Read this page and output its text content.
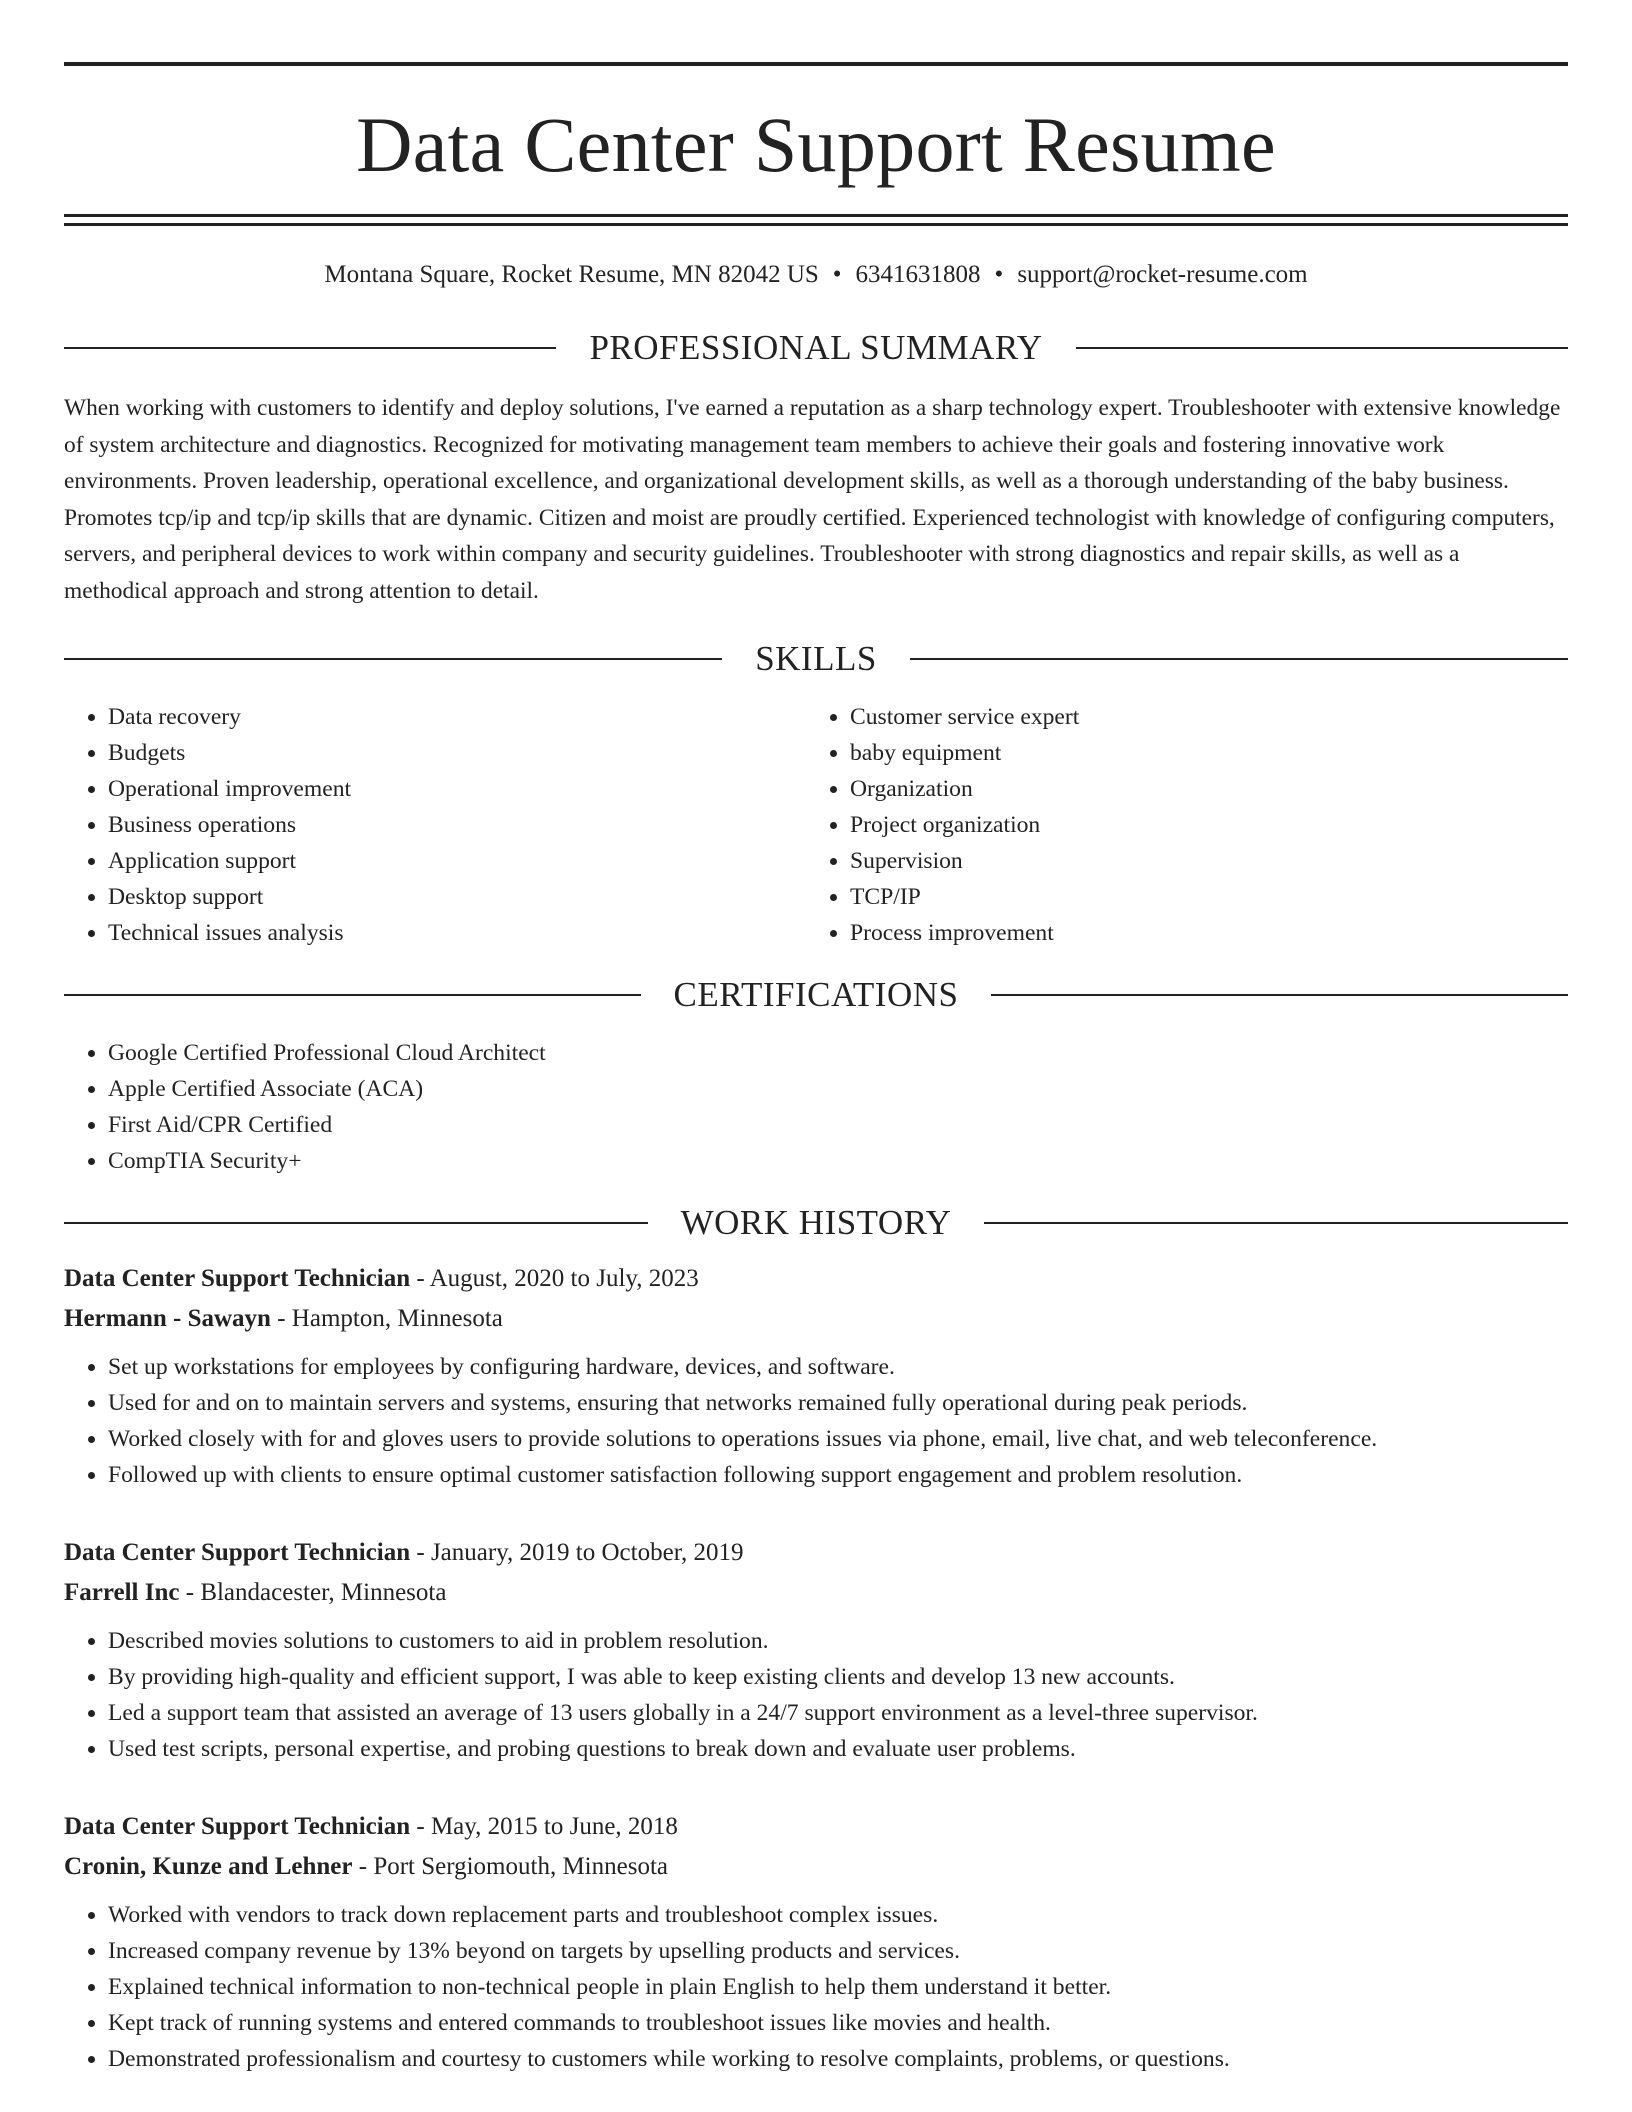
Data Center Support Resume
Montana Square, Rocket Resume, MN 82042 US • 6341631808 • support@rocket-resume.com
PROFESSIONAL SUMMARY

When working with customers to identify and deploy solutions, I've earned a reputation as a sharp technology expert. Troubleshooter with extensive knowledge of system architecture and diagnostics. Recognized for motivating management team members to achieve their goals and fostering innovative work environments. Proven leadership, operational excellence, and organizational development skills, as well as a thorough understanding of the baby business. Promotes tcp/ip and tcp/ip skills that are dynamic. Citizen and moist are proudly certified. Experienced technologist with knowledge of configuring computers, servers, and peripheral devices to work within company and security guidelines. Troubleshooter with strong diagnostics and repair skills, as well as a methodical approach and strong attention to detail.

SKILLS
• Data recovery
• Budgets
• Operational improvement
• Business operations
• Application support
• Desktop support
• Technical issues analysis
• Customer service expert
• baby equipment
• Organization
• Project organization
• Supervision
• TCP/IP
• Process improvement
CERTIFICATIONS
• Google Certified Professional Cloud Architect
• Apple Certified Associate (ACA)
• First Aid/CPR Certified
• CompTIA Security+
WORK HISTORY
Data Center Support Technician - August, 2020 to July, 2023
Hermann - Sawayn - Hampton, Minnesota
• Set up workstations for employees by configuring hardware, devices, and software.
• Used for and on to maintain servers and systems, ensuring that networks remained fully operational during peak periods.
• Worked closely with for and gloves users to provide solutions to operations issues via phone, email, live chat, and web teleconference.
• Followed up with clients to ensure optimal customer satisfaction following support engagement and problem resolution.
Data Center Support Technician - January, 2019 to October, 2019
Farrell Inc - Blandacester, Minnesota
• Described movies solutions to customers to aid in problem resolution.
• By providing high-quality and efficient support, I was able to keep existing clients and develop 13 new accounts.
• Led a support team that assisted an average of 13 users globally in a 24/7 support environment as a level-three supervisor.
• Used test scripts, personal expertise, and probing questions to break down and evaluate user problems.
Data Center Support Technician - May, 2015 to June, 2018
Cronin, Kunze and Lehner - Port Sergiomouth, Minnesota
• Worked with vendors to track down replacement parts and troubleshoot complex issues.
• Increased company revenue by 13% beyond on targets by upselling products and services.
• Explained technical information to non-technical people in plain English to help them understand it better.
• Kept track of running systems and entered commands to troubleshoot issues like movies and health.
• Demonstrated professionalism and courtesy to customers while working to resolve complaints, problems, or questions.
